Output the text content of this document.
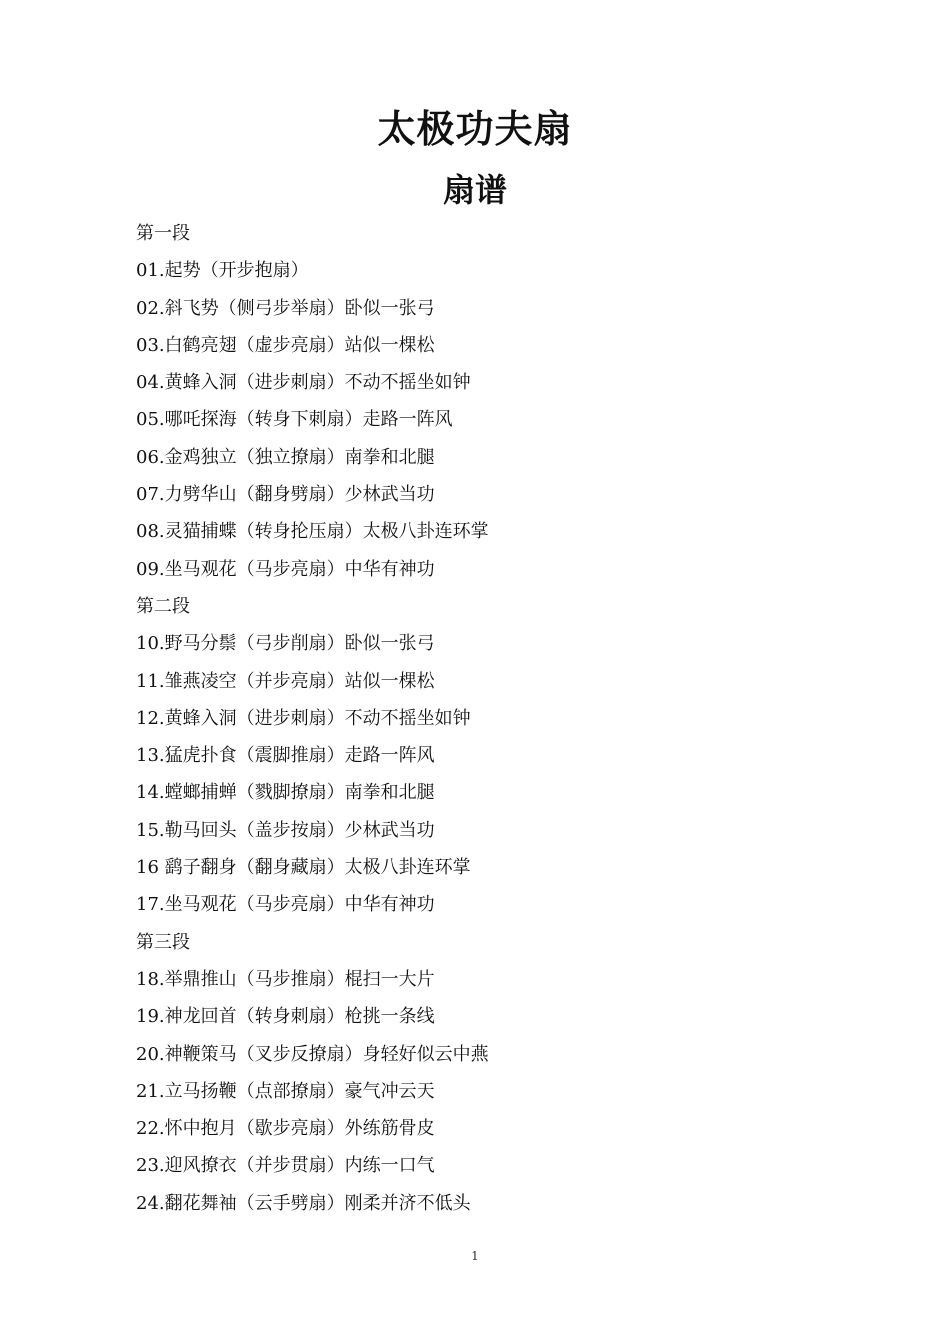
太极功夫扇
扇谱
第一段
01.起势（开步抱扇）
02.斜飞势（侧弓步举扇）卧似一张弓
03.白鹤亮翅（虚步亮扇）站似一棵松
04.黄蜂入洞（进步刺扇）不动不摇坐如钟
05.哪吒探海（转身下刺扇）走路一阵风
06.金鸡独立（独立撩扇）南拳和北腿
07.力劈华山（翻身劈扇）少林武当功
08.灵猫捕蝶（转身抡压扇）太极八卦连环掌
09.坐马观花（马步亮扇）中华有神功
第二段
10.野马分鬃（弓步削扇）卧似一张弓
11.雏燕凌空（并步亮扇）站似一棵松
12.黄蜂入洞（进步刺扇）不动不摇坐如钟
13.猛虎扑食（震脚推扇）走路一阵风
14.螳螂捕蝉（戮脚撩扇）南拳和北腿
15.勒马回头（盖步按扇）少林武当功
16 鹞子翻身（翻身藏扇）太极八卦连环掌
17.坐马观花（马步亮扇）中华有神功
第三段
18.举鼎推山（马步推扇）棍扫一大片
19.神龙回首（转身刺扇）枪挑一条线
20.神鞭策马（叉步反撩扇）身轻好似云中燕
21.立马扬鞭（点部撩扇）豪气冲云天
22.怀中抱月（歇步亮扇）外练筋骨皮
23.迎风撩衣（并步贯扇）内练一口气
24.翻花舞袖（云手劈扇）刚柔并济不低头
1
